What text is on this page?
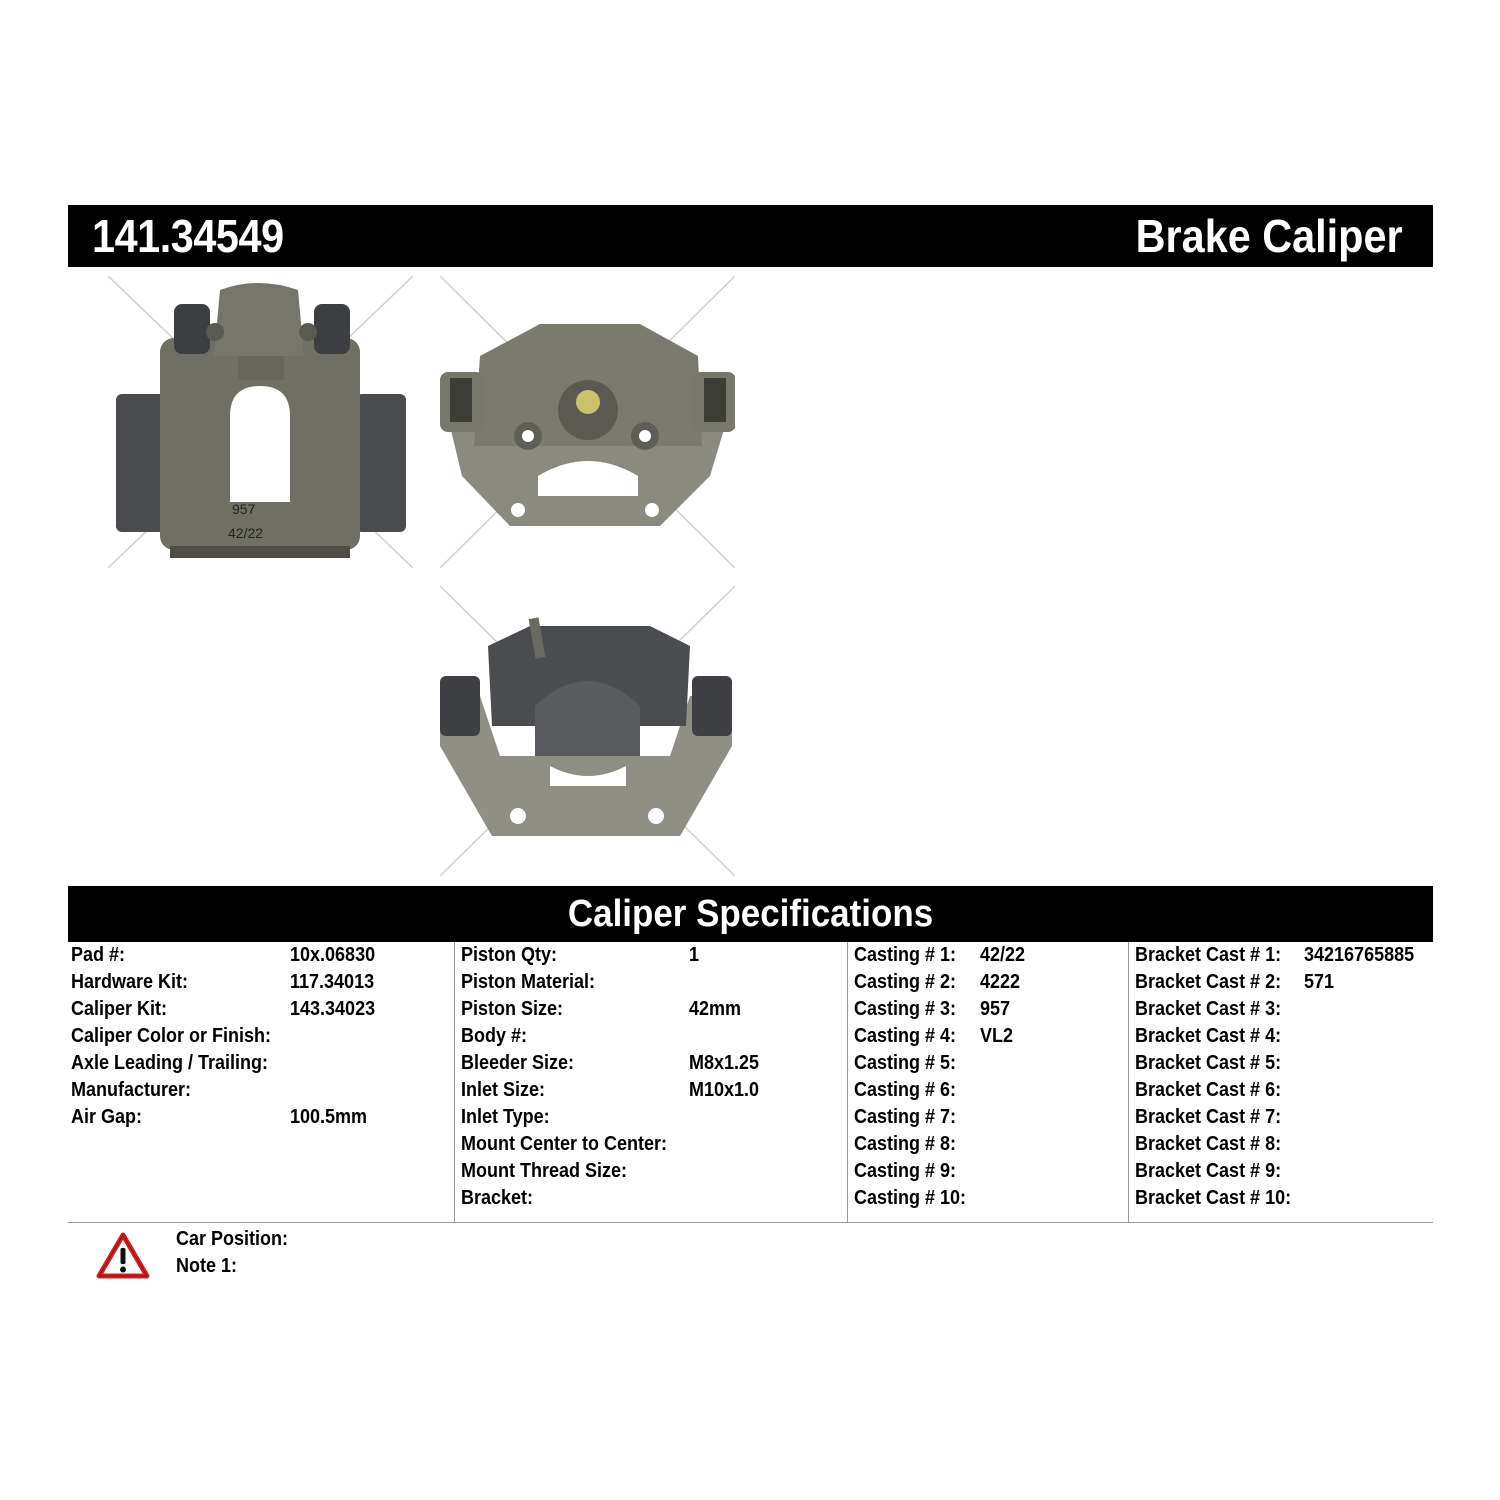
141.34549	Brake Caliper
957
42/22
Caliper Specifications
Pad #:	10x.06830
Hardware Kit:	117.34013
Caliper Kit:	143.34023
Caliper Color or Finish:
Axle Leading / Trailing:
Manufacturer:
Air Gap:	100.5mm
Piston Qty:	1
Piston Material:
Piston Size:	42mm
Body #:
Bleeder Size:	M8x1.25
Inlet Size:	M10x1.0
Inlet Type:
Mount Center to Center:
Mount Thread Size:
Bracket:
Casting # 1: 42/22
Casting # 2: 4222
Casting # 3: 957
Casting # 4: VL2
Casting # 5:
Casting # 6:
Casting # 7:
Casting # 8:
Casting # 9:
Casting # 10:
Bracket Cast # 1: 34216765885
Bracket Cast # 2: 571
Bracket Cast # 3:
Bracket Cast # 4:
Bracket Cast # 5:
Bracket Cast # 6:
Bracket Cast # 7:
Bracket Cast # 8:
Bracket Cast # 9:
Bracket Cast # 10:
Car Position:
Note 1:
